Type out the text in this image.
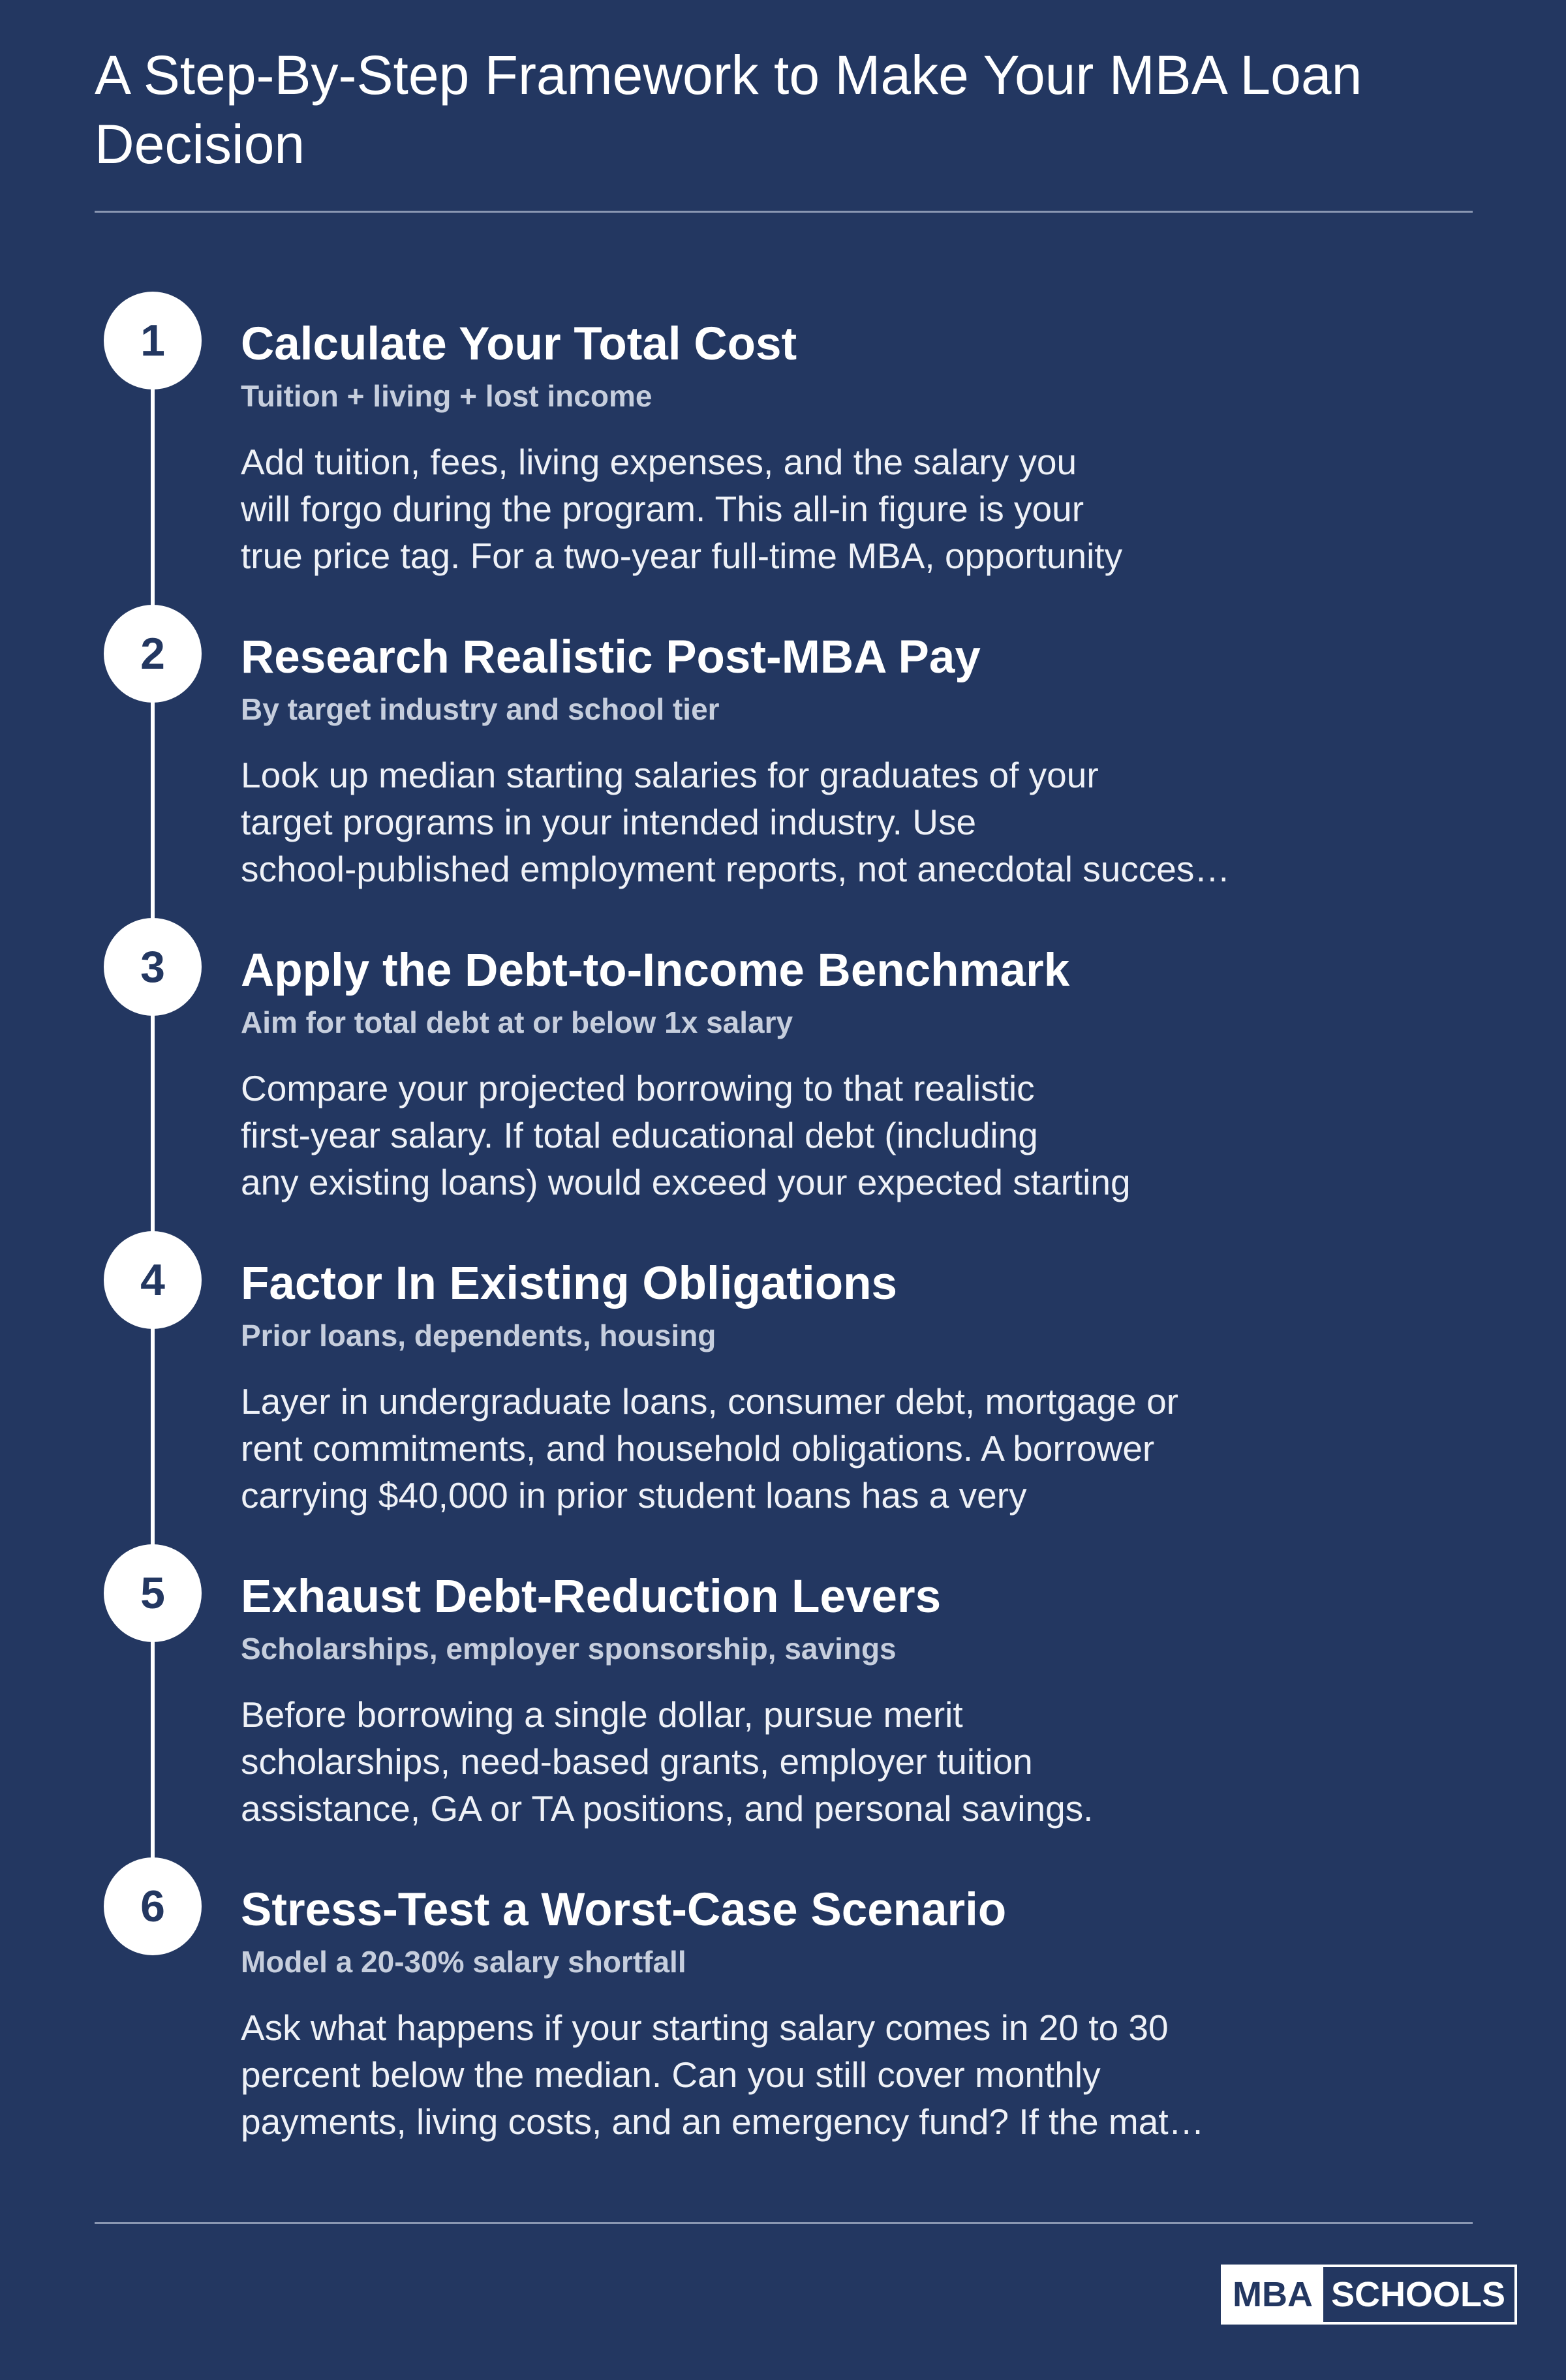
A Step-By-Step Framework to Make Your MBA Loan
Decision
1	Calculate Your Total Cost

Tuition + living + lost income

Add tuition, fees, living expenses, and the salary you
will forgo during the program. This all-in figure is your
true price tag. For a two-year full-time MBA, opportunity

2	Research Realistic Post-MBA Pay

By target industry and school tier

Look up median starting salaries for graduates of your
target programs in your intended industry. Use
school-published employment reports, not anecdotal succes…

3	Apply the Debt-to-Income Benchmark

Aim for total debt at or below 1x salary

Compare your projected borrowing to that realistic
first-year salary. If total educational debt (including
any existing loans) would exceed your expected starting

4	Factor In Existing Obligations

Prior loans, dependents, housing

Layer in undergraduate loans, consumer debt, mortgage or
rent commitments, and household obligations. A borrower
carrying $40,000 in prior student loans has a very

5	Exhaust Debt-Reduction Levers

Scholarships, employer sponsorship, savings

Before borrowing a single dollar, pursue merit
scholarships, need-based grants, employer tuition
assistance, GA or TA positions, and personal savings.

6	Stress-Test a Worst-Case Scenario

Model a 20-30% salary shortfall

Ask what happens if your starting salary comes in 20 to 30
percent below the median. Can you still cover monthly
payments, living costs, and an emergency fund? If the mat…

MBA SCHOOLS
